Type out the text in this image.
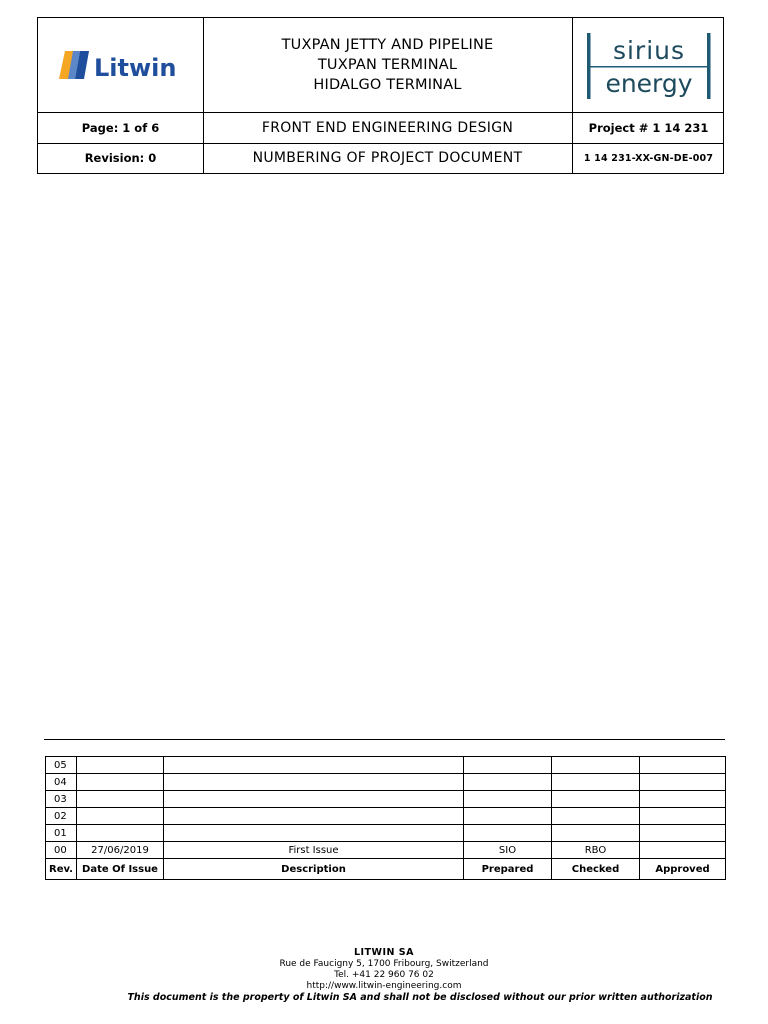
Litwin
TUXPAN JETTY AND PIPELINE
TUXPAN TERMINAL
HIDALGO TERMINAL
sirius
energy
Page: 1 of 6	FRONT END ENGINEERING DESIGN	Project # 1 14 231
Revision: 0	NUMBERING OF PROJECT DOCUMENT	1 14 231-XX-GN-DE-007
05					
04					
03					
02					
01					
00	27/06/2019	First Issue	SIO	RBO	
Rev.	Date Of Issue	Description	Prepared	Checked	Approved
LITWIN SA
Rue de Faucigny 5, 1700 Fribourg, Switzerland
Tel. +41 22 960 76 02
http://www.litwin-engineering.com
This document is the property of Litwin SA and shall not be disclosed without our prior written authorization
